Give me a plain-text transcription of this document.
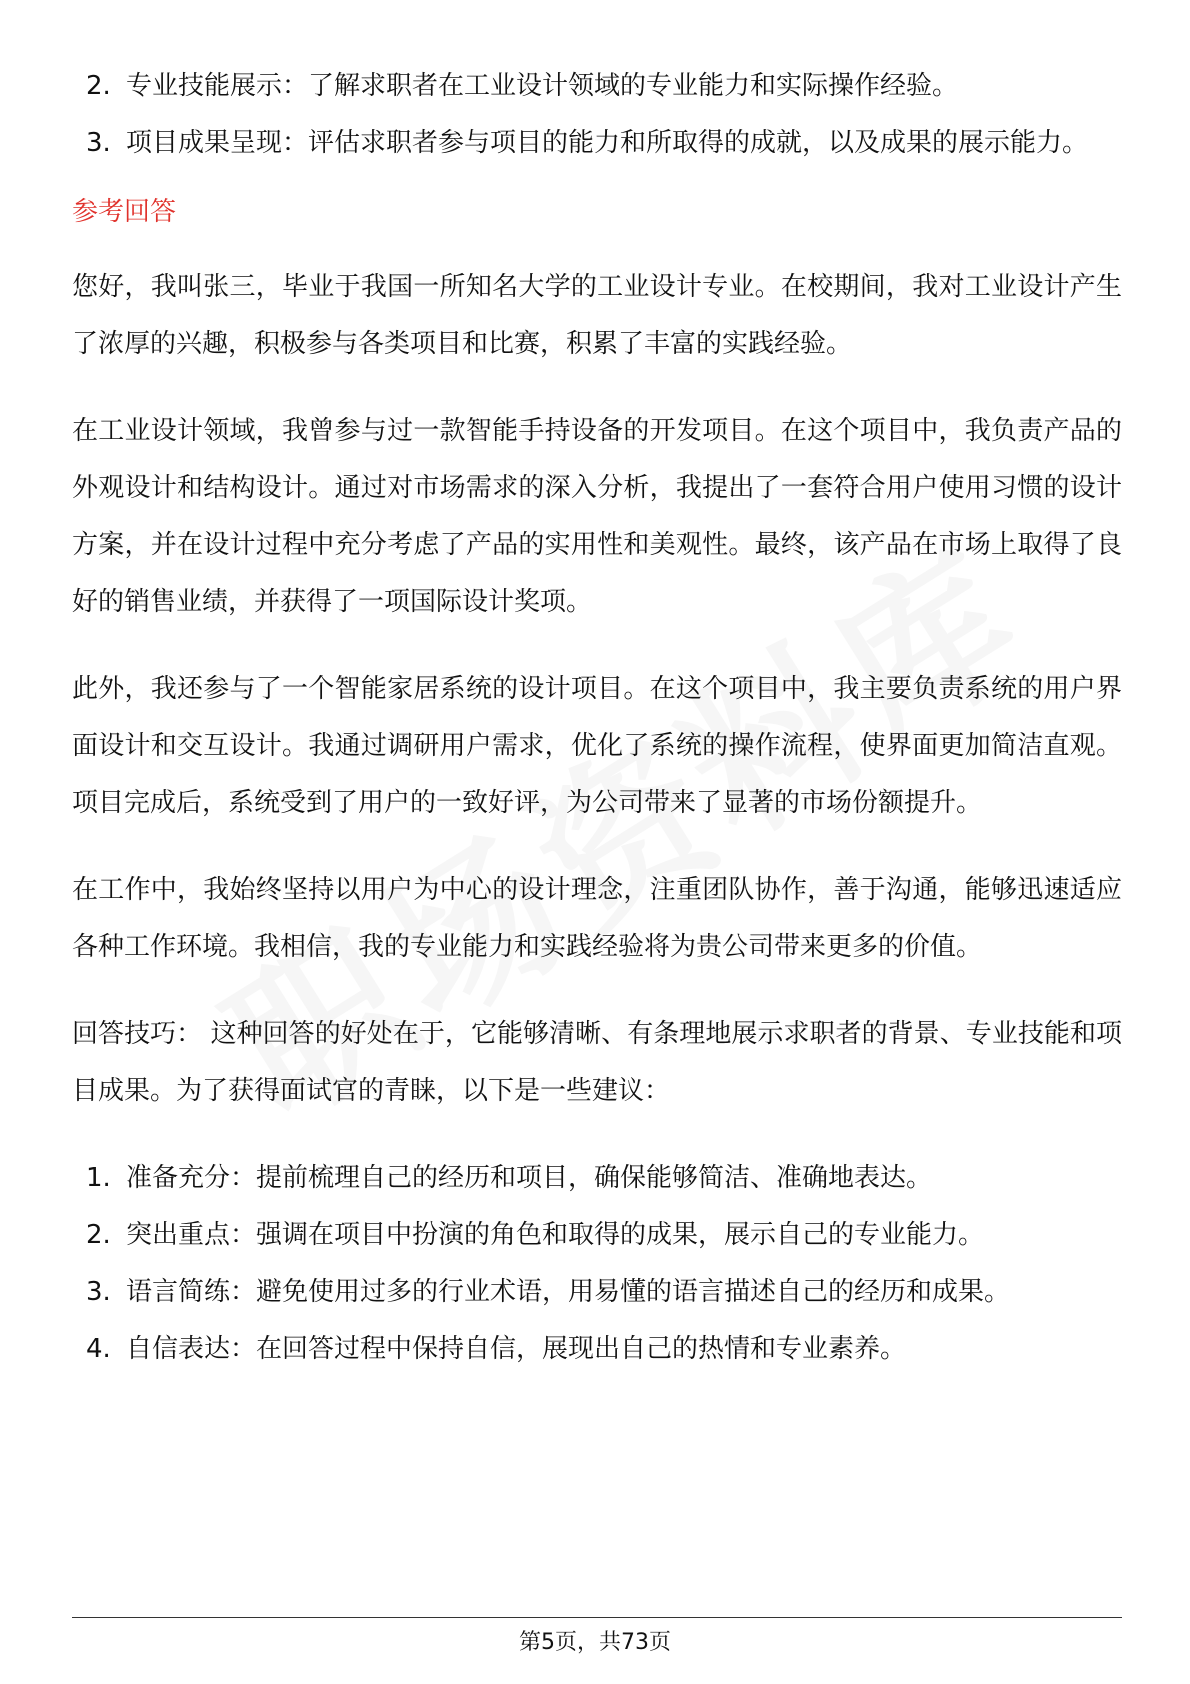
2. 专业技能展示：了解求职者在工业设计领域的专业能力和实际操作经验。
3. 项目成果呈现：评估求职者参与项目的能力和所取得的成就，以及成果的展示能力。
参考回答

您好，我叫张三，毕业于我国一所知名大学的工业设计专业。在校期间，我对工业设计产生了浓厚的兴趣，积极参与各类项目和比赛，积累了丰富的实践经验。

在工业设计领域，我曾参与过一款智能手持设备的开发项目。在这个项目中，我负责产品的外观设计和结构设计。通过对市场需求的深入分析，我提出了一套符合用户使用习惯的设计方案，并在设计过程中充分考虑了产品的实用性和美观性。最终，该产品在市场上取得了良好的销售业绩，并获得了一项国际设计奖项。

此外，我还参与了一个智能家居系统的设计项目。在这个项目中，我主要负责系统的用户界面设计和交互设计。我通过调研用户需求，优化了系统的操作流程，使界面更加简洁直观。项目完成后，系统受到了用户的一致好评，为公司带来了显著的市场份额提升。

在工作中，我始终坚持以用户为中心的设计理念，注重团队协作，善于沟通，能够迅速适应各种工作环境。我相信，我的专业能力和实践经验将为贵公司带来更多的价值。

回答技巧： 这种回答的好处在于，它能够清晰、有条理地展示求职者的背景、专业技能和项目成果。为了获得面试官的青睐，以下是一些建议：

1. 准备充分：提前梳理自己的经历和项目，确保能够简洁、准确地表达。
2. 突出重点：强调在项目中扮演的角色和取得的成果，展示自己的专业能力。
3. 语言简练：避免使用过多的行业术语，用易懂的语言描述自己的经历和成果。
4. 自信表达：在回答过程中保持自信，展现出自己的热情和专业素养。
第5页，共73页
